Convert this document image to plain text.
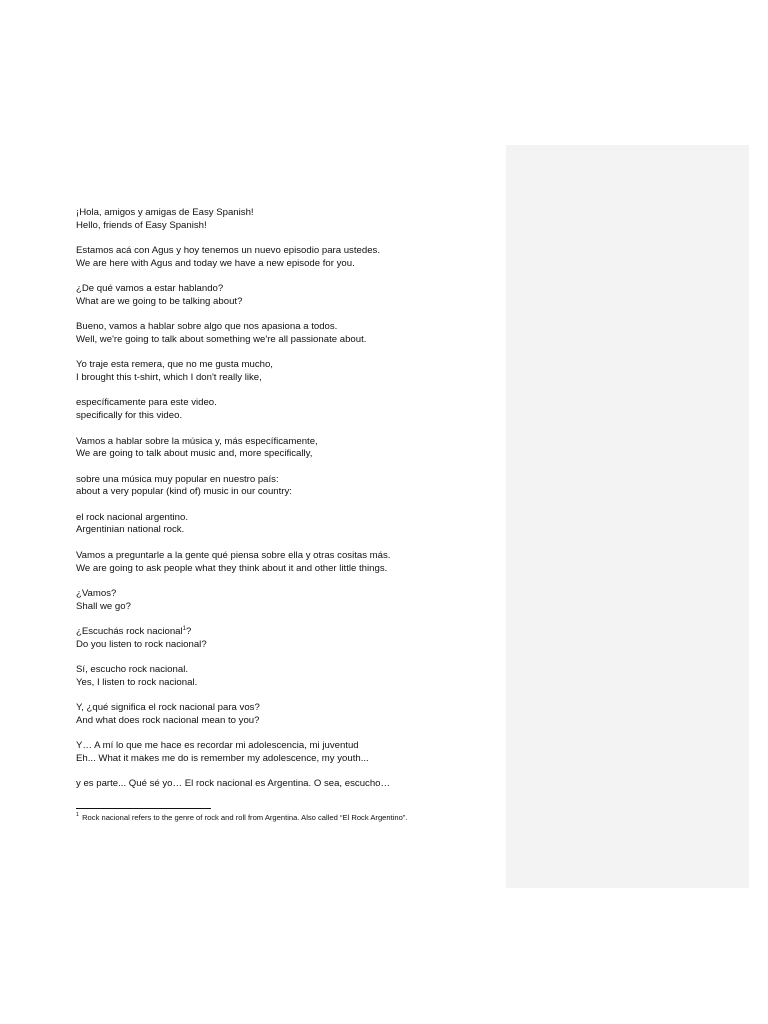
¡Hola, amigos y amigas de Easy Spanish!
Hello, friends of Easy Spanish!

Estamos acá con Agus y hoy tenemos un nuevo episodio para ustedes.
We are here with Agus and today we have a new episode for you.

¿De qué vamos a estar hablando?
What are we going to be talking about?

Bueno, vamos a hablar sobre algo que nos apasiona a todos.
Well, we're going to talk about something we're all passionate about.

Yo traje esta remera, que no me gusta mucho,
I brought this t-shirt, which I don't really like,

específicamente para este video.
specifically for this video.

Vamos a hablar sobre la música y, más específicamente,
We are going to talk about music and, more specifically,

sobre una música muy popular en nuestro país:
about a very popular (kind of) music in our country:

el rock nacional argentino.
Argentinian national rock.

Vamos a preguntarle a la gente qué piensa sobre ella y otras cositas más.
We are going to ask people what they think about it and other little things.

¿Vamos?
Shall we go?

¿Escuchás rock nacional$^1$?
Do you listen to rock nacional?

Sí, escucho rock nacional.
Yes, I listen to rock nacional.

Y, ¿qué significa el rock nacional para vos?
And what does rock nacional mean to you?

Y… A mí lo que me hace es recordar mi adolescencia, mi juventud
Eh... What it makes me do is remember my adolescence, my youth...

y es parte... Qué sé yo… El rock nacional es Argentina. O sea, escucho…

$^1$ Rock nacional refers to the genre of rock and roll from Argentina. Also called “El Rock Argentino”.
